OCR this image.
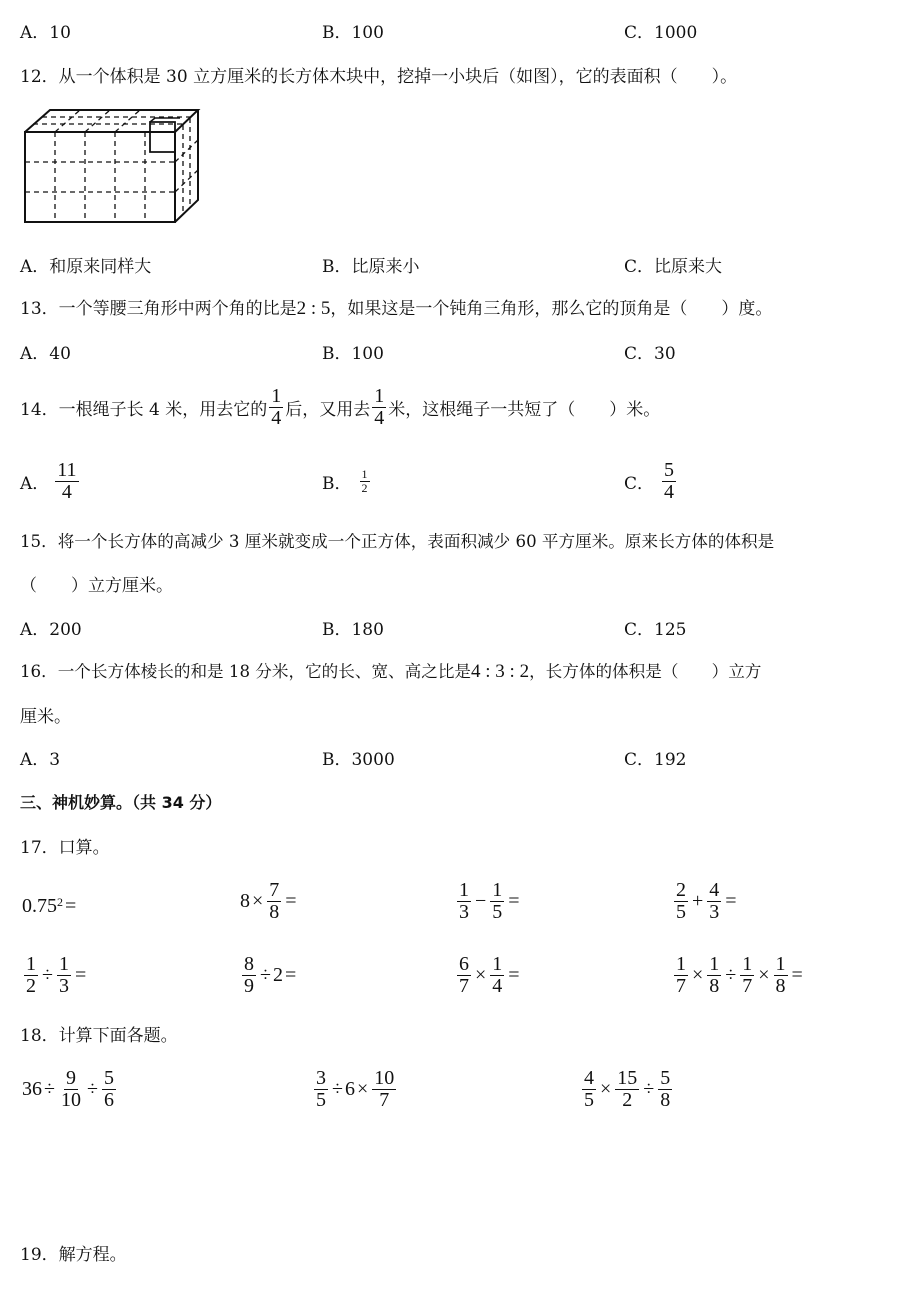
A．10	B．100	C．1000
12．从一个体积是 30 立方厘米的长方体木块中，挖掉一小块后（如图），它的表面积（　　）。
A．和原来同样大	B．比原来小	C．比原来大
13．一个等腰三角形中两个角的比是2 : 5，如果这是一个钝角三角形，那么它的顶角是（　　）度。
A．40	B．100	C．30
14．一根绳子长 4 米，用去它的 $\frac{1}{4}$ 后，又用去 $\frac{1}{4}$ 米，这根绳子一共短了（　　）米。
A． $\frac{11}{4}$	B． $\frac{1}{2}$	C． $\frac{5}{4}$
15．将一个长方体的高减少 3 厘米就变成一个正方体，表面积减少 60 平方厘米。原来长方体的体积是
（　　）立方厘米。
A．200	B．180	C．125
16．一个长方体棱长的和是 18 分米，它的长、宽、高之比是4 : 3 : 2，长方体的体积是（　　）立方
厘米。
A．3	B．3000	C．192
三、神机妙算。（共 34 分）
17．口算。
$0.75^2$ =	$8 \times \frac{7}{8}$ =	$\frac{1}{3} - \frac{1}{5}$ =	$\frac{2}{5} + \frac{4}{3}$ =
$\frac{1}{2} \div \frac{1}{3}$ =	$\frac{8}{9} \div 2$ =	$\frac{6}{7} \times \frac{1}{4}$ =	$\frac{1}{7} \times \frac{1}{8} \div \frac{1}{7} \times \frac{1}{8}$ =
18．计算下面各题。
$36 \div \frac{9}{10} \div \frac{5}{6}$	$\frac{3}{5} \div 6 \times \frac{10}{7}$	$\frac{4}{5} \times \frac{15}{2} \div \frac{5}{8}$
19．解方程。
